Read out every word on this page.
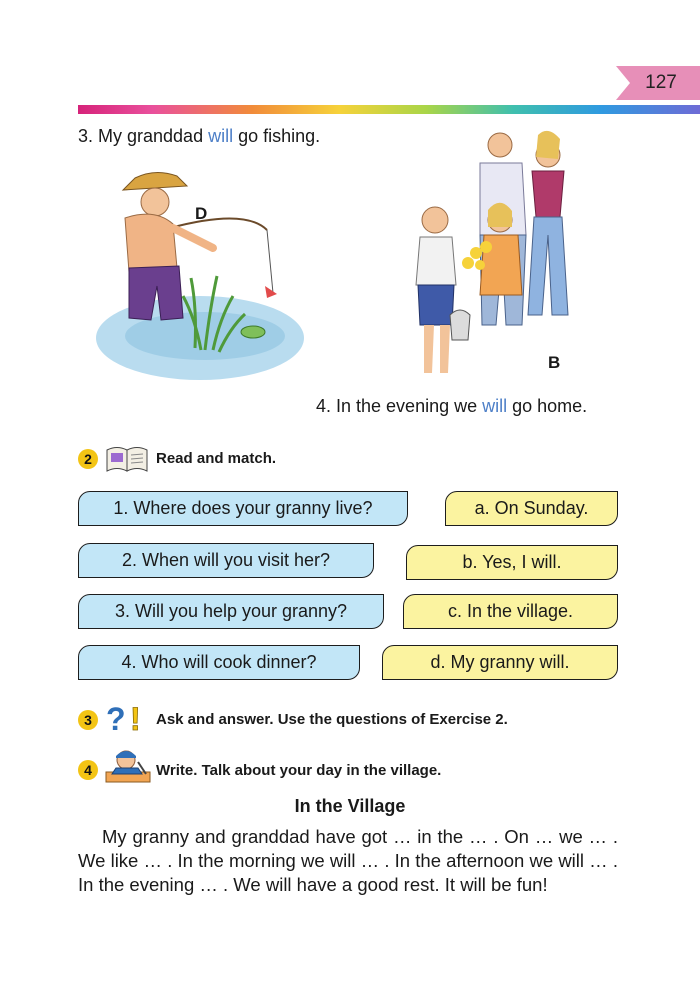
127
3. My granddad will go fishing.
D
B
4. In the evening we will go home.
2	Read and match.
1. Where does your granny live?
2. When will you visit her?
3. Will you help your granny?
4. Who will cook dinner?
a. On Sunday.
b. Yes, I will.
c. In the village.
d. My granny will.
3 ? ! Ask and answer. Use the questions of Exercise 2.
4	Write. Talk about your day in the village.
In the Village

My granny and granddad have got … in the … . On … we … . We like … . In the morning we will … . In the afternoon we will … . In the evening … . We will have a good rest. It will be fun!
